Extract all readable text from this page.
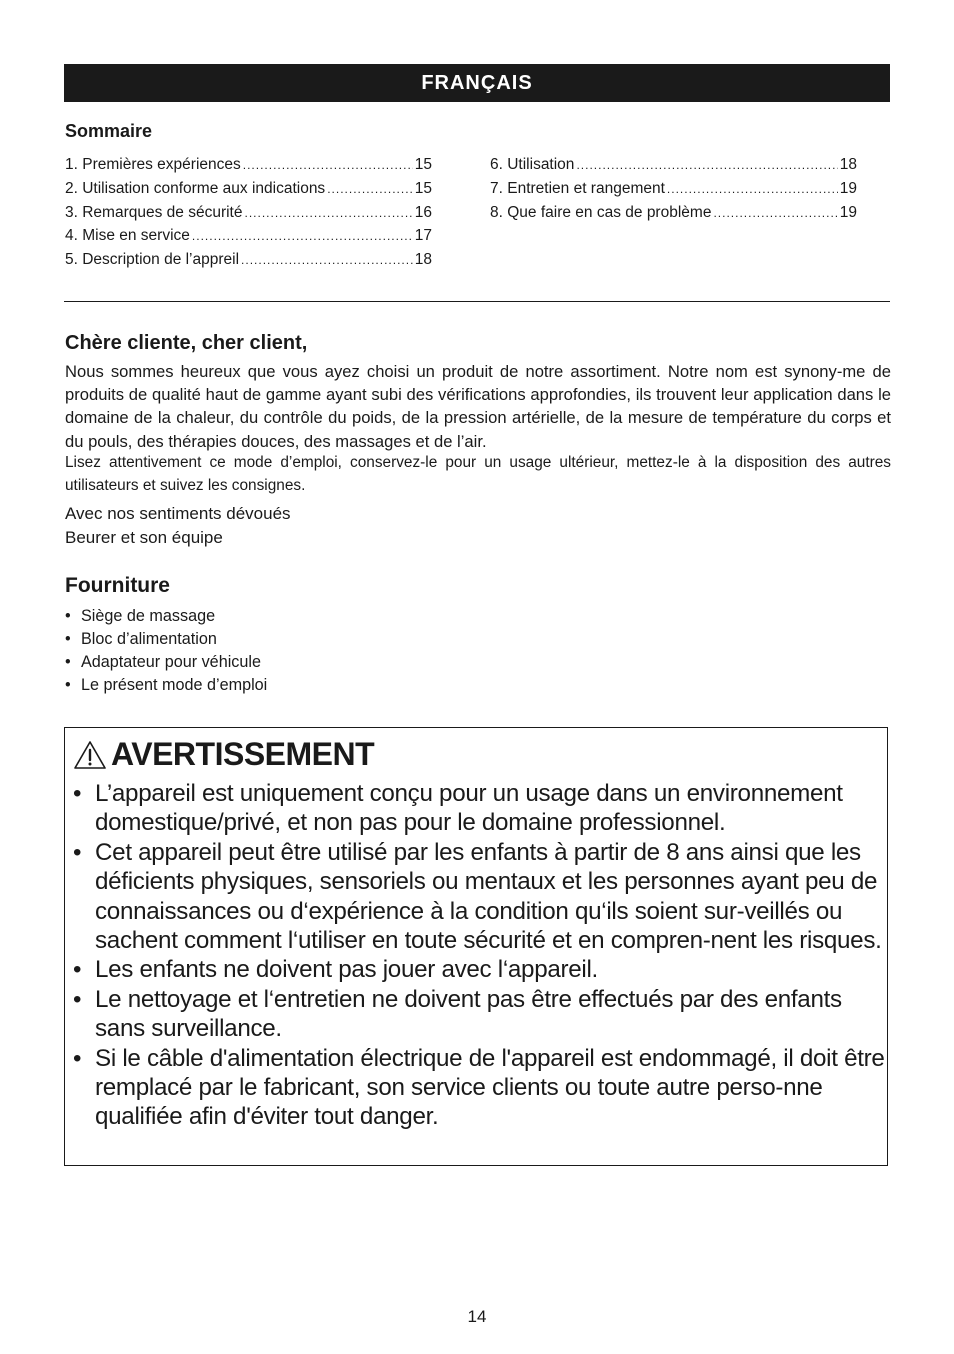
FRANÇAIS
Sommaire
1. Premières expériences .....	15
2. Utilisation conforme aux indications .....	15
3. Remarques de sécurité .....	16
4. Mise en service .....	17
5. Description de l’appreil .....	18
6. Utilisation .....	18
7. Entretien et rangement .....	19
8. Que faire en cas de problème .....	19
Chère cliente, cher client,
Nous sommes heureux que vous ayez choisi un produit de notre assortiment. Notre nom est synony-me de produits de qualité haut de gamme ayant subi des vérifications approfondies, ils trouvent leur application dans le domaine de la chaleur, du contrôle du poids, de la pression artérielle, de la mesure de température du corps et du pouls, des thérapies douces, des massages et de l’air.
Lisez attentivement ce mode d’emploi, conservez-le pour un usage ultérieur, mettez-le à la disposition des autres utilisateurs et suivez les consignes.
Avec nos sentiments dévoués
Beurer et son équipe
Fourniture
• Siège de massage
• Bloc d’alimentation
• Adaptateur pour véhicule
• Le présent mode d’emploi
AVERTISSEMENT
• L’appareil est uniquement conçu pour un usage dans un environnement domestique/privé, et non pas pour le domaine professionnel.
• Cet appareil peut être utilisé par les enfants à partir de 8 ans ainsi que les déficients physiques, sensoriels ou mentaux et les personnes ayant peu de connaissances ou d‘expérience à la condition qu‘ils soient sur-veillés ou sachent comment l‘utiliser en toute sécurité et en compren-nent les risques.
• Les enfants ne doivent pas jouer avec l‘appareil.
• Le nettoyage et l‘entretien ne doivent pas être effectués par des enfants sans surveillance.
• Si le câble d'alimentation électrique de l'appareil est endommagé, il doit être remplacé par le fabricant, son service clients ou toute autre perso-nne qualifiée afin d'éviter tout danger.
14
